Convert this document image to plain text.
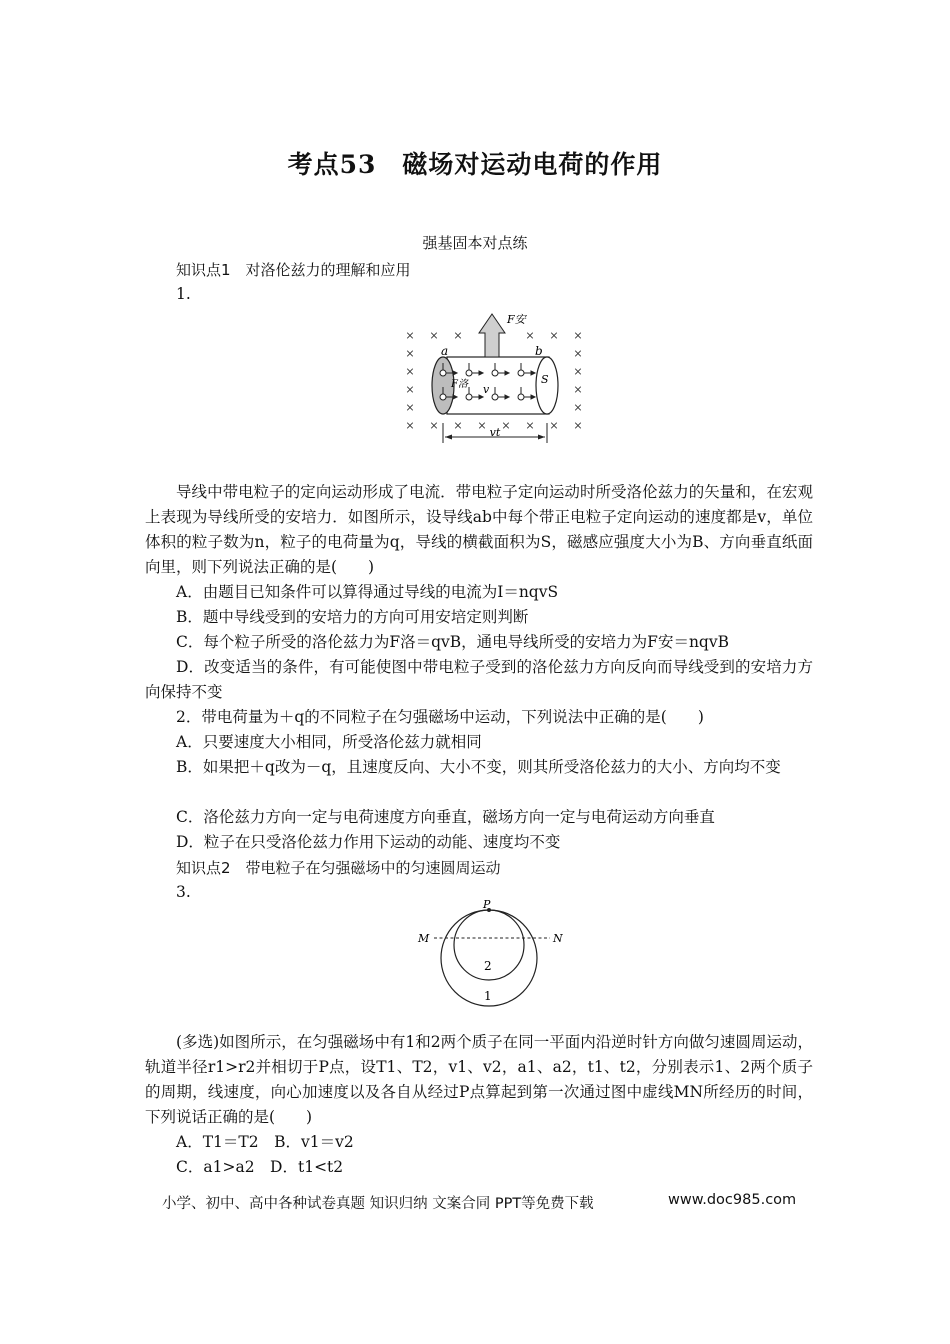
考点53　磁场对运动电荷的作用
强基固本对点练
知识点1　对洛伦兹力的理解和应用
1.
× × ×	× × ×
×	×
×	×
×	×
×	×
× × × × × × × ×
F安
a	b
F洛 v
S
vt
导线中带电粒子的定向运动形成了电流．带电粒子定向运动时所受洛伦兹力的矢量和，在宏观上表现为导线所受的安培力．如图所示，设导线ab中每个带正电粒子定向运动的速度都是v，单位体积的粒子数为n，粒子的电荷量为q，导线的横截面积为S，磁感应强度大小为B、方向垂直纸面向里，则下列说法正确的是(　　)
A．由题目已知条件可以算得通过导线的电流为I＝nqvS
B．题中导线受到的安培力的方向可用安培定则判断
C．每个粒子所受的洛伦兹力为F洛＝qvB，通电导线所受的安培力为F安＝nqvB
D．改变适当的条件，有可能使图中带电粒子受到的洛伦兹力方向反向而导线受到的安培力方向保持不变
2．带电荷量为＋q的不同粒子在匀强磁场中运动，下列说法中正确的是(　　)
A．只要速度大小相同，所受洛伦兹力就相同
B．如果把＋q改为－q，且速度反向、大小不变，则其所受洛伦兹力的大小、方向均不变
C．洛伦兹力方向一定与电荷速度方向垂直，磁场方向一定与电荷运动方向垂直
D．粒子在只受洛伦兹力作用下运动的动能、速度均不变
知识点2　带电粒子在匀强磁场中的匀速圆周运动
3.
P
M	N
2
1
(多选)如图所示，在匀强磁场中有1和2两个质子在同一平面内沿逆时针方向做匀速圆周运动，轨道半径r1>r2并相切于P点，设T1、T2，v1、v2，a1、a2，t1、t2，分别表示1、2两个质子的周期，线速度，向心加速度以及各自从经过P点算起到第一次通过图中虚线MN所经历的时间，下列说话正确的是(　　)
A．T1＝T2　B．v1＝v2
C．a1>a2　D．t1<t2
小学、初中、高中各种试卷真题 知识归纳 文案合同 PPT等免费下载	www.doc985.com
